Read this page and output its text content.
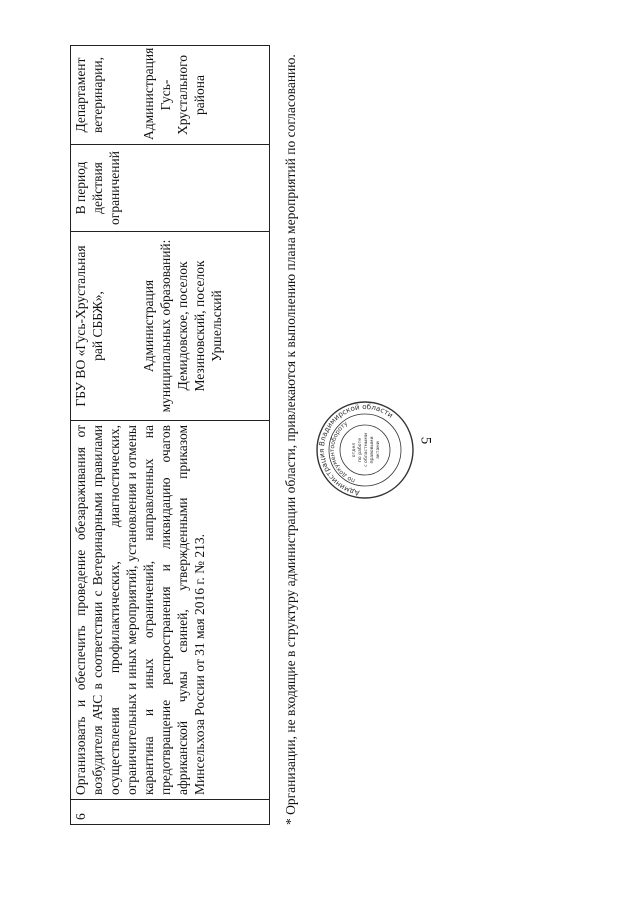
5
6	Организовать и обеспечить проведение обезараживания от возбудителя АЧС в соответствии с Ветеринарными правилами осуществления профилактических, диагностических, ограничительных и иных мероприятий, установления и отмены карантина и иных ограничений, направленных на предотвращение распространения и ликвидацию очагов африканской чумы свиней, утвержденными приказом Минсельхоза России от 31 мая 2016 г. № 213.	ГБУ ВО «Гусь-Хрустальная рай СББЖ»,	Администрация муниципальных образований: Демидовское, поселок Мезиновский, поселок Уршельский	В период действия ограничений	Департамент ветеринарии,	Администрация Гусь-Хрустального района	* Организации, не входящие в структуру администрации области, привлекаются к выполнению плана мероприятий по согласованию.	Администрация Владимирской области
по документообороту
отдел по работе с областными правовыми актами
